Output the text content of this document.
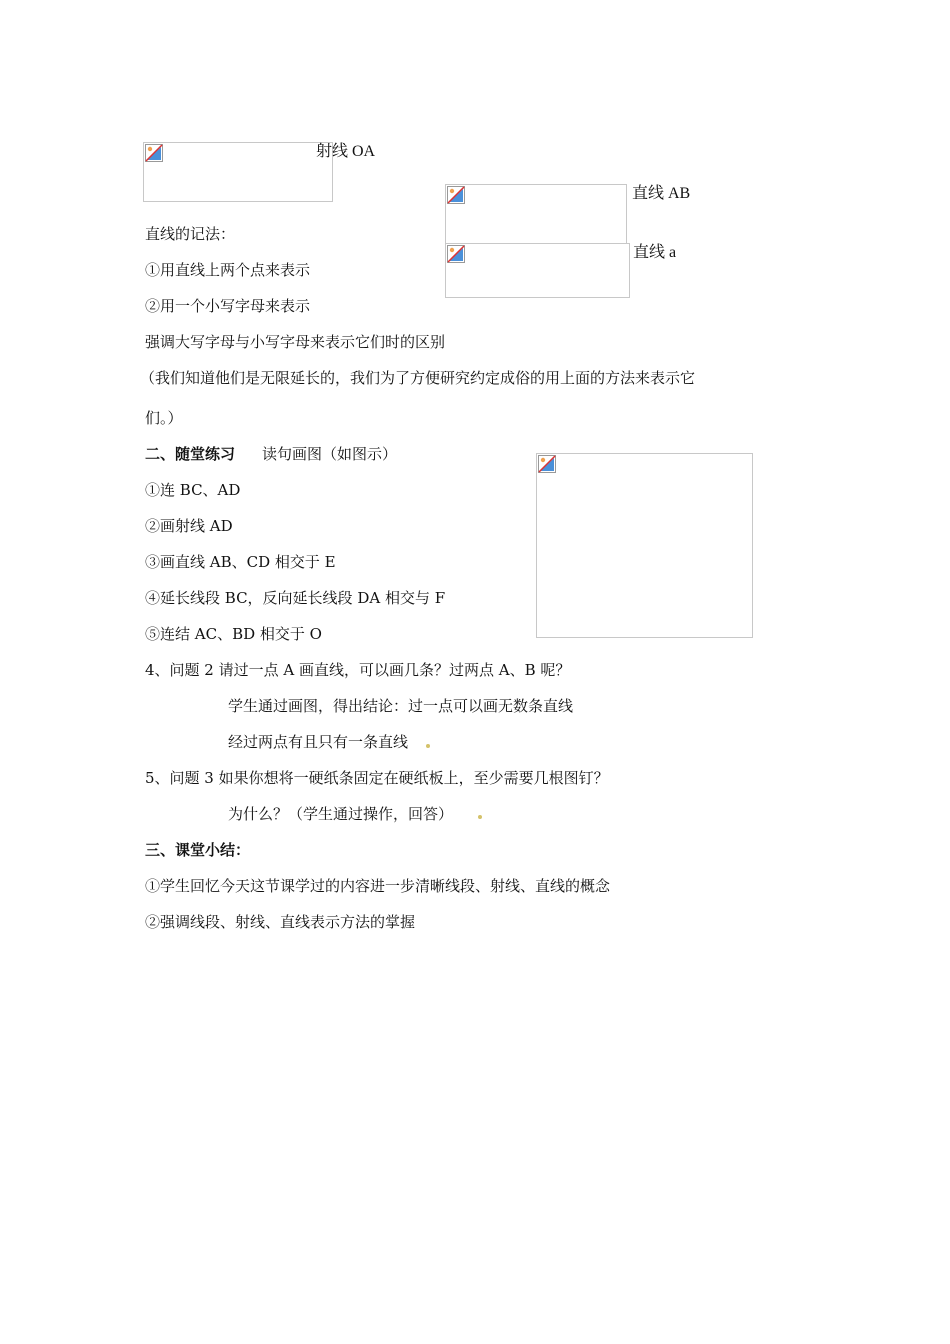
射线 OA
直线 AB
直线 a
直线的记法：
①用直线上两个点来表示
②用一个小写字母来表示
强调大写字母与小写字母来表示它们时的区别
（我们知道他们是无限延长的，我们为了方便研究约定成俗的用上面的方法来表示它
们。）
二、随堂练习 读句画图（如图示）
①连 BC、AD
②画射线 AD
③画直线 AB、CD 相交于 E
④延长线段 BC，反向延长线段 DA 相交与 F
⑤连结 AC、BD 相交于 O
4、问题 2 请过一点 A 画直线，可以画几条？过两点 A、B 呢？
学生通过画图，得出结论：过一点可以画无数条直线
经过两点有且只有一条直线
5、问题 3 如果你想将一硬纸条固定在硬纸板上，至少需要几根图钉？
为什么？（学生通过操作，回答）
三、课堂小结：
①学生回忆今天这节课学过的内容进一步清晰线段、射线、直线的概念
②强调线段、射线、直线表示方法的掌握
